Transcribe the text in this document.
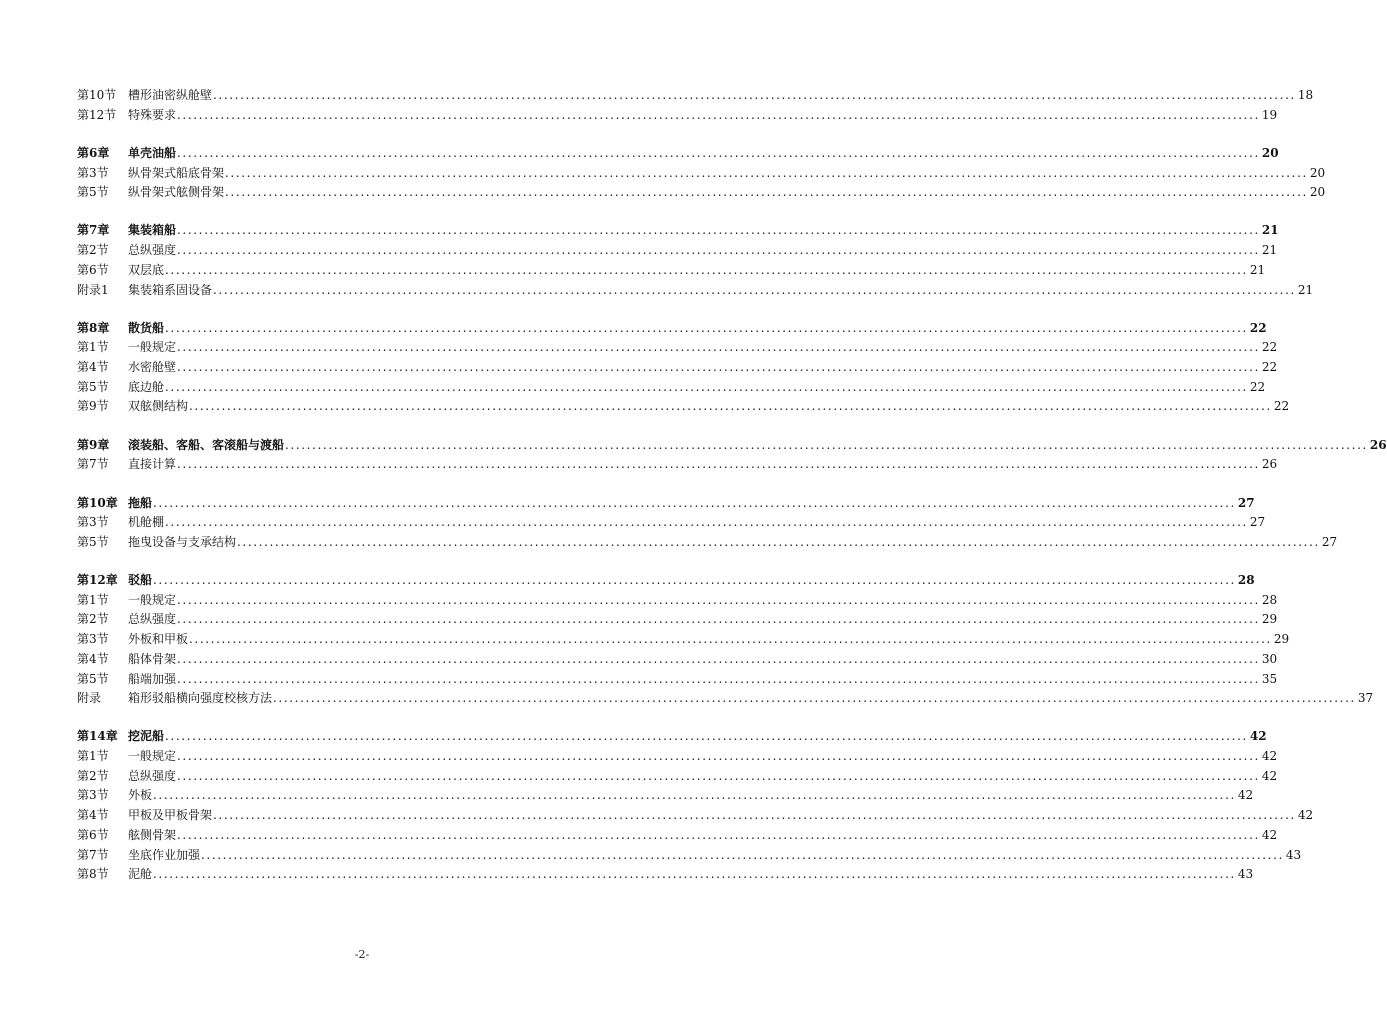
第10节 槽形油密纵舱壁 ........................................................................................................................................................................................................ 18
第12节 特殊要求 ........................................................................................................................................................................................................ 19
第6章 单壳油船 ........................................................................................................................................................................................................ 20
第3节 纵骨架式船底骨架 ........................................................................................................................................................................................................ 20
第5节 纵骨架式舷侧骨架 ........................................................................................................................................................................................................ 20
第7章 集装箱船 ........................................................................................................................................................................................................ 21
第2节 总纵强度 ........................................................................................................................................................................................................ 21
第6节 双层底 ........................................................................................................................................................................................................ 21
附录1 集装箱系固设备 ........................................................................................................................................................................................................ 21
第8章 散货船 ........................................................................................................................................................................................................ 22
第1节 一般规定 ........................................................................................................................................................................................................ 22
第4节 水密舱壁 ........................................................................................................................................................................................................ 22
第5节 底边舱 ........................................................................................................................................................................................................ 22
第9节 双舷侧结构 ........................................................................................................................................................................................................ 22
第9章 滚装船、客船、客滚船与渡船 ........................................................................................................................................................................................................ 26
第7节 直接计算 ........................................................................................................................................................................................................ 26
第10章 拖船 ........................................................................................................................................................................................................ 27
第3节 机舱棚 ........................................................................................................................................................................................................ 27
第5节 拖曳设备与支承结构 ........................................................................................................................................................................................................ 27
第12章 驳船 ........................................................................................................................................................................................................ 28
第1节 一般规定 ........................................................................................................................................................................................................ 28
第2节 总纵强度 ........................................................................................................................................................................................................ 29
第3节 外板和甲板 ........................................................................................................................................................................................................ 29
第4节 船体骨架 ........................................................................................................................................................................................................ 30
第5节 船端加强 ........................................................................................................................................................................................................ 35
附录 箱形驳船横向强度校核方法 ........................................................................................................................................................................................................ 37
第14章 挖泥船 ........................................................................................................................................................................................................ 42
第1节 一般规定 ........................................................................................................................................................................................................ 42
第2节 总纵强度 ........................................................................................................................................................................................................ 42
第3节 外板 ........................................................................................................................................................................................................ 42
第4节 甲板及甲板骨架 ........................................................................................................................................................................................................ 42
第6节 舷侧骨架 ........................................................................................................................................................................................................ 42
第7节 坐底作业加强 ........................................................................................................................................................................................................ 43
第8节 泥舱 ........................................................................................................................................................................................................ 43
-2-
